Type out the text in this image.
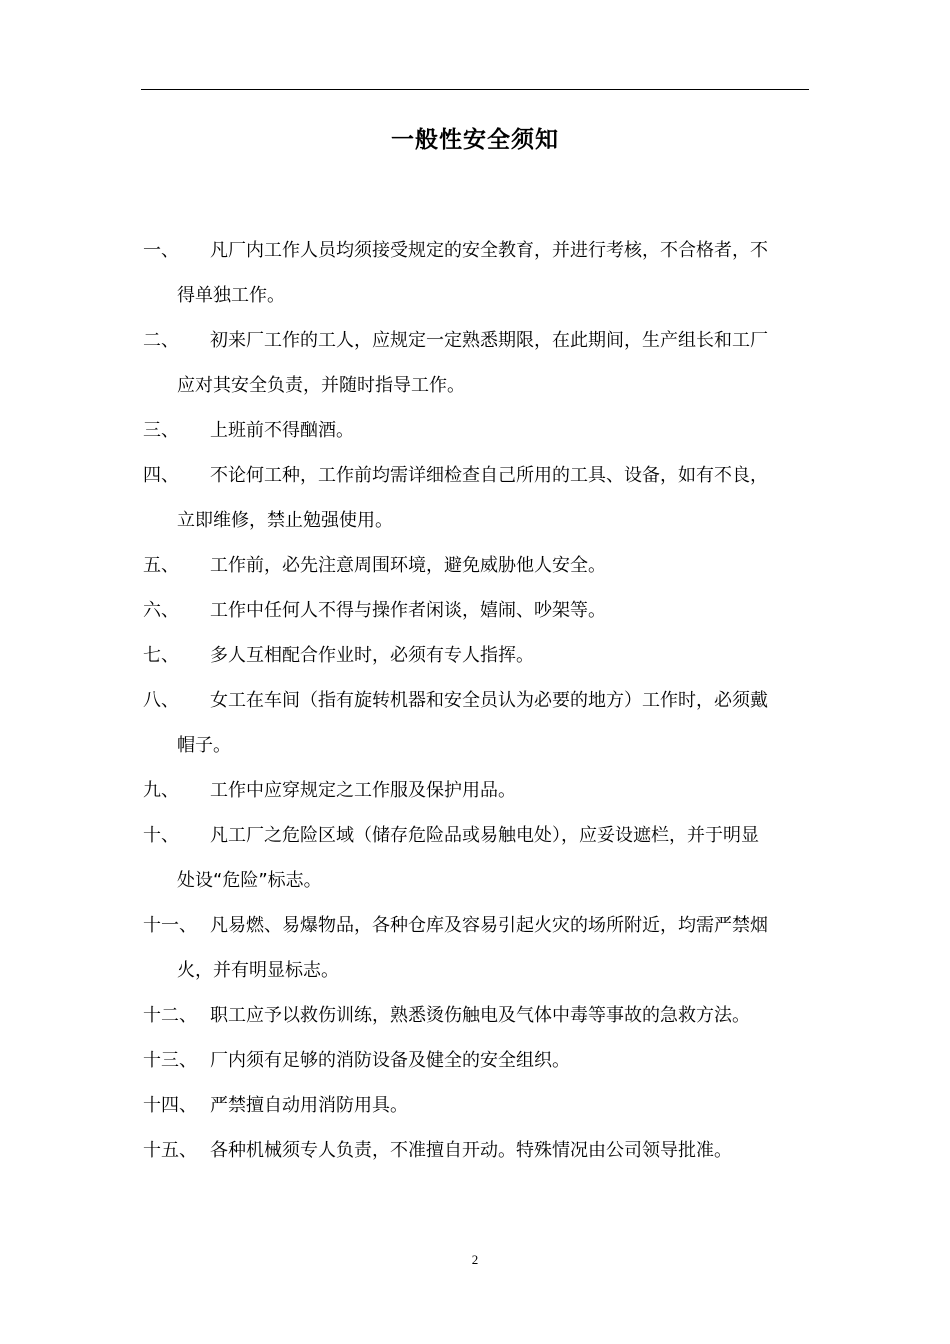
一般性安全须知
一、 凡厂内工作人员均须接受规定的安全教育，并进行考核，不合格者，不
得单独工作。
二、 初来厂工作的工人，应规定一定熟悉期限，在此期间，生产组长和工厂
应对其安全负责，并随时指导工作。
三、 上班前不得酗酒。
四、 不论何工种，工作前均需详细检查自己所用的工具、设备，如有不良，
立即维修，禁止勉强使用。
五、 工作前，必先注意周围环境，避免威胁他人安全。
六、 工作中任何人不得与操作者闲谈，嬉闹、吵架等。
七、 多人互相配合作业时，必须有专人指挥。
八、 女工在车间（指有旋转机器和安全员认为必要的地方）工作时，必须戴
帽子。
九、 工作中应穿规定之工作服及保护用品。
十、 凡工厂之危险区域（储存危险品或易触电处），应妥设遮栏，并于明显
处设“危险”标志。
十一、 凡易燃、易爆物品，各种仓库及容易引起火灾的场所附近，均需严禁烟
火，并有明显标志。
十二、 职工应予以救伤训练，熟悉烫伤触电及气体中毒等事故的急救方法。
十三、 厂内须有足够的消防设备及健全的安全组织。
十四、 严禁擅自动用消防用具。
十五、 各种机械须专人负责，不准擅自开动。特殊情况由公司领导批准。
2
